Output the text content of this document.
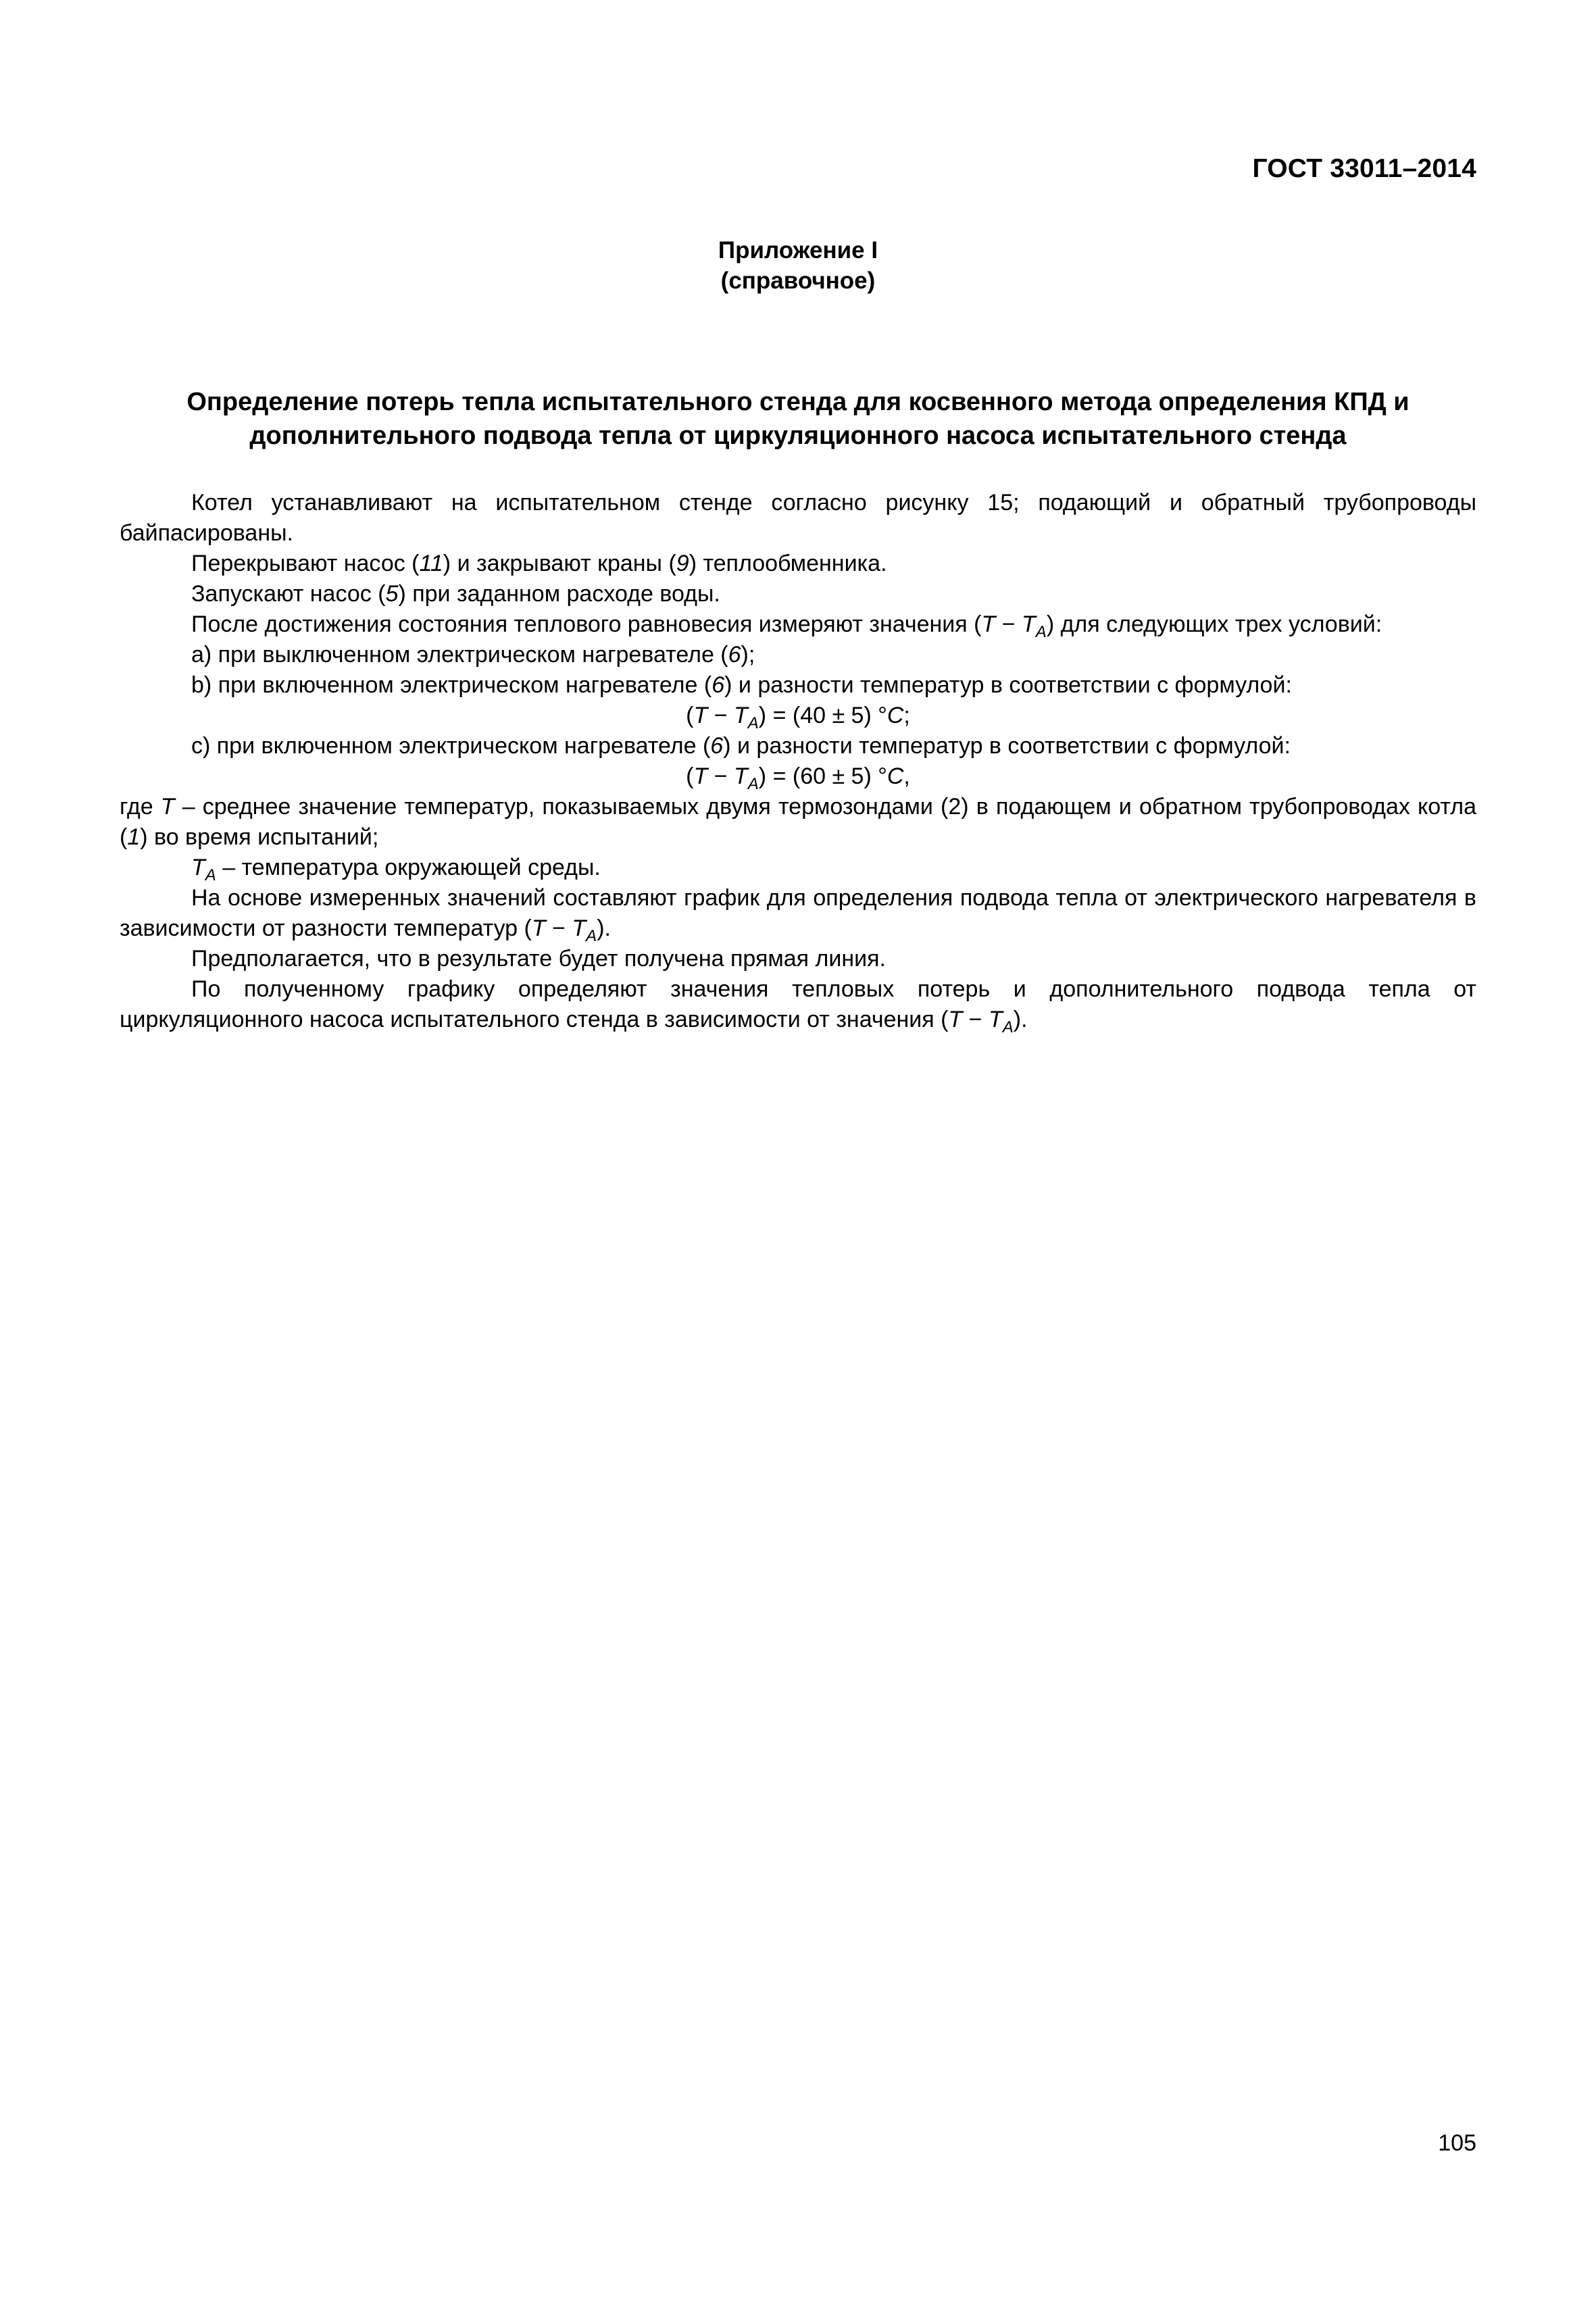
ГОСТ 33011–2014
Приложение I
(справочное)
Определение потерь тепла испытательного стенда для косвенного метода определения КПД и
дополнительного подвода тепла от циркуляционного насоса испытательного стенда

Котел устанавливают на испытательном стенде согласно рисунку 15; подающий и обратный трубопроводы байпасированы.

Перекрывают насос (11) и закрывают краны (9) теплообменника.

Запускают насос (5) при заданном расходе воды.

После достижения состояния теплового равновесия измеряют значения $(T - T_A)$ для следующих трех условий:

а) при выключенном электрическом нагревателе (6);

b) при включенном электрическом нагревателе (6) и разности температур в соответствии с формулой:

$(T - T_A) = (40 \pm 5)$ °C;

c) при включенном электрическом нагревателе (6) и разности температур в соответствии с формулой:

$(T - T_A) = (60 \pm 5)$ °C,

где T – среднее значение температур, показываемых двумя термозондами (2) в подающем и обратном трубопроводах котла (1) во время испытаний;

$T_A$ – температура окружающей среды.

На основе измеренных значений составляют график для определения подвода тепла от электрического нагревателя в зависимости от разности температур $(T - T_A)$.

Предполагается, что в результате будет получена прямая линия.

По полученному графику определяют значения тепловых потерь и дополнительного подвода тепла от циркуляционного насоса испытательного стенда в зависимости от значения $(T - T_A)$.

105
